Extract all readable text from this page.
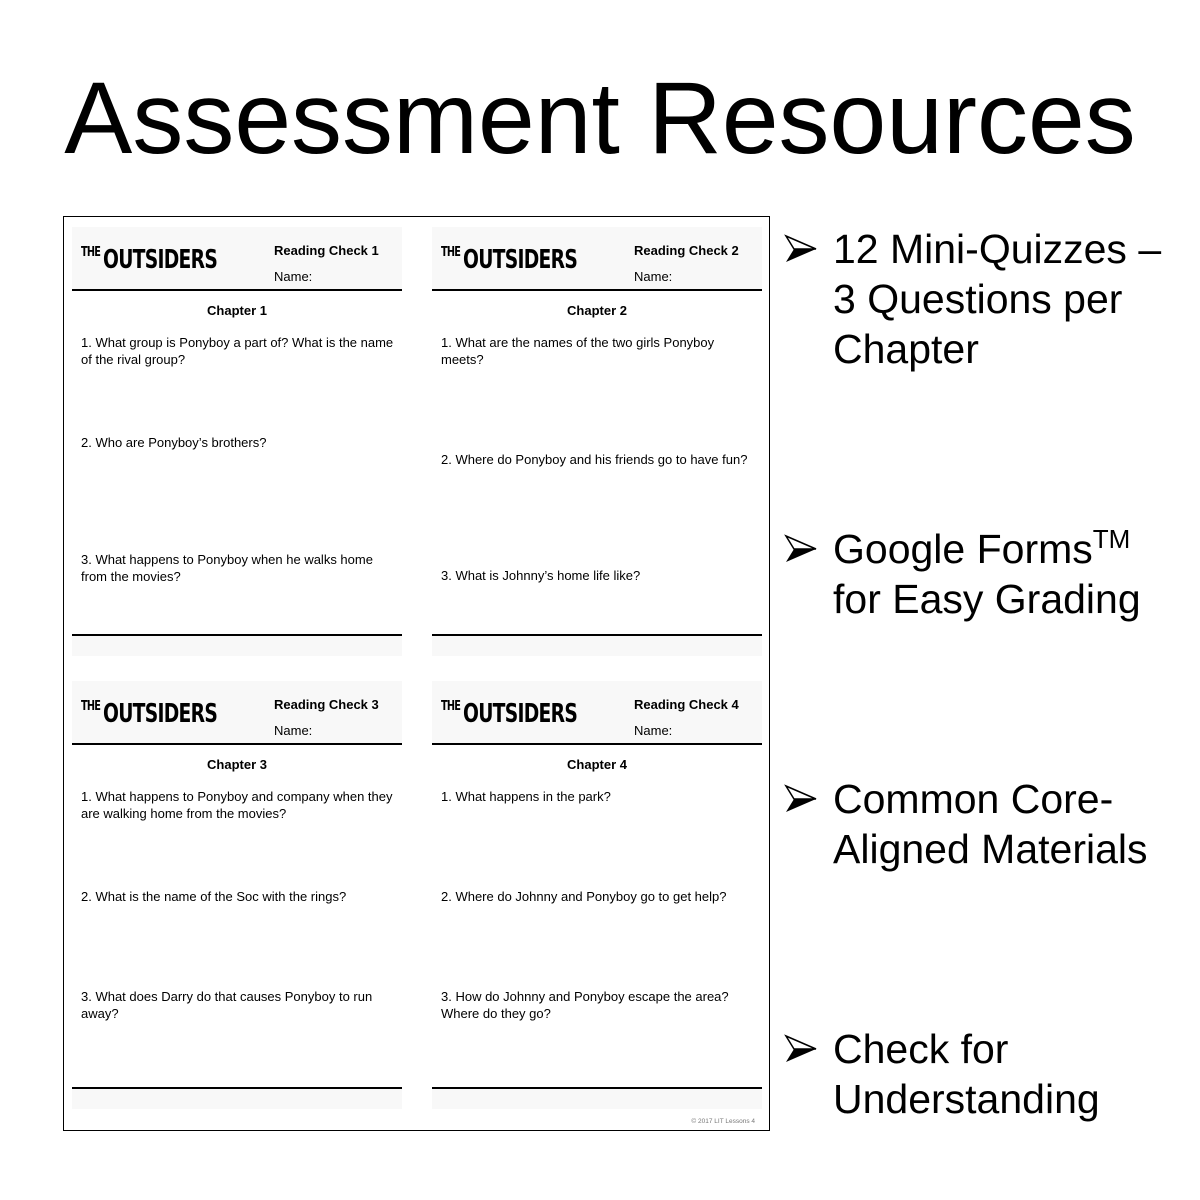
Assessment Resources
THEOUTSIDERS	Reading Check 1
Name:
Chapter 1
1. What group is Ponyboy a part of? What is the name of the rival group?
2. Who are Ponyboy’s brothers?
3. What happens to Ponyboy when he walks home from the movies?
THEOUTSIDERS	Reading Check 2
Name:
Chapter 2
1. What are the names of the two girls Ponyboy meets?
2. Where do Ponyboy and his friends go to have fun?
3. What is Johnny’s home life like?
THEOUTSIDERS	Reading Check 3
Name:
Chapter 3
1. What happens to Ponyboy and company when they are walking home from the movies?
2. What is the name of the Soc with the rings?
3. What does Darry do that causes Ponyboy to run away?
THEOUTSIDERS	Reading Check 4
Name:
Chapter 4
1. What happens in the park?
2. Where do Johnny and Ponyboy go to get help?
3. How do Johnny and Ponyboy escape the area? Where do they go?
© 2017 LIT Lessons 4
12 Mini-Quizzes – 3 Questions per Chapter
Google Forms™ for Easy Grading
Common Core-Aligned Materials
Check for Understanding
